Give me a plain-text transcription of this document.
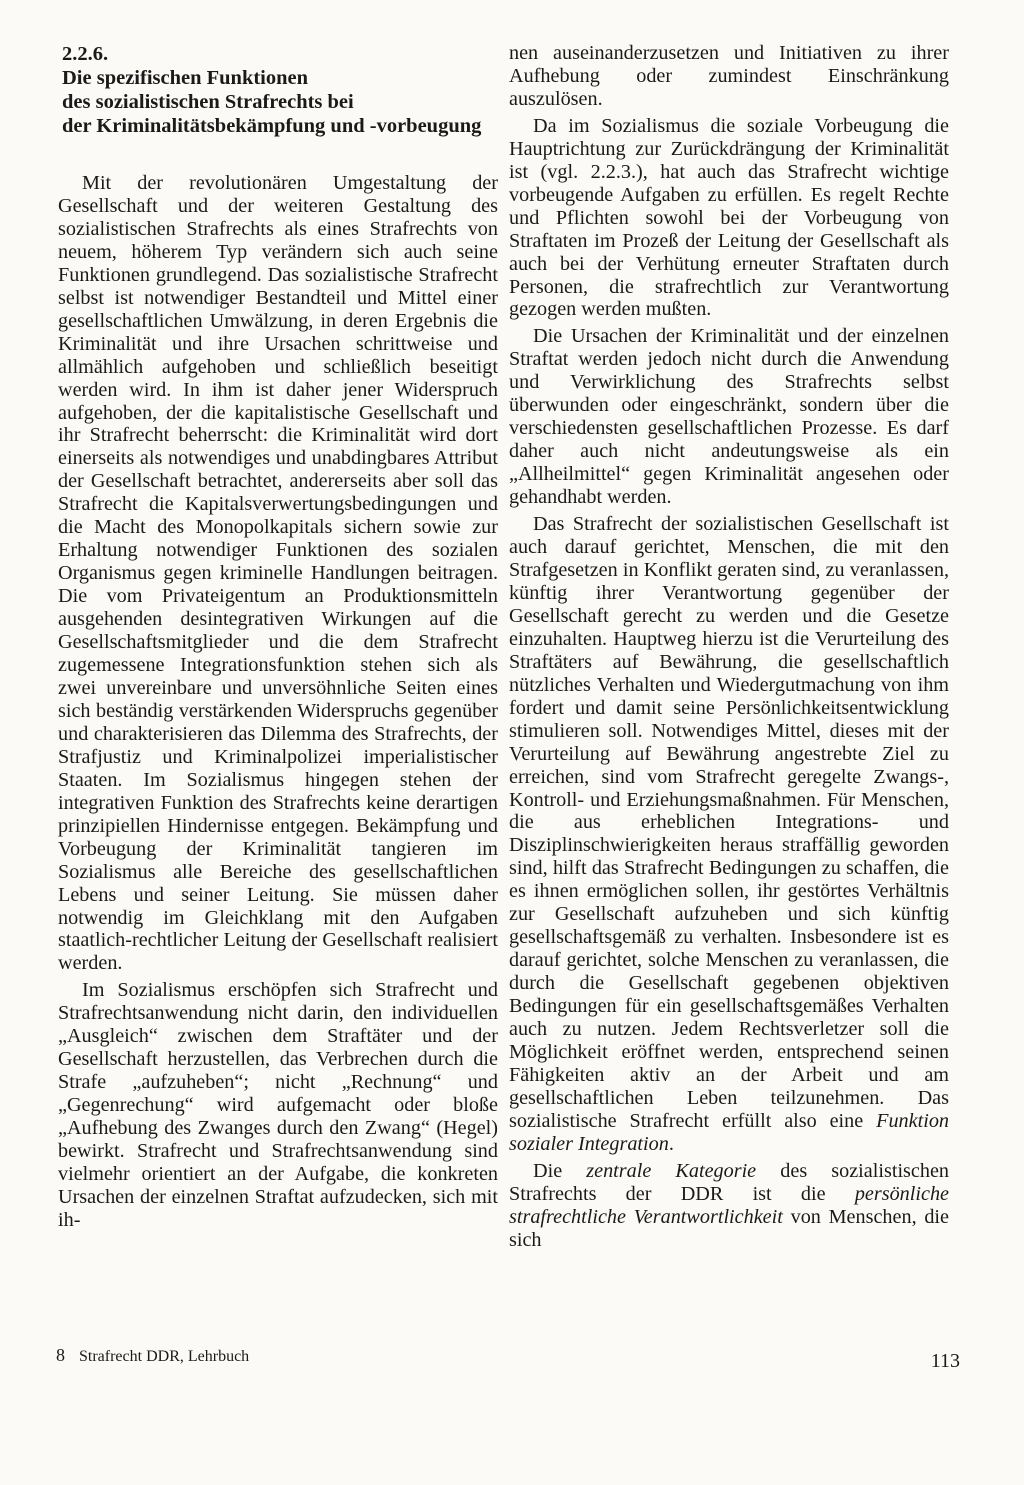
2.2.6.
Die spezifischen Funktionen
des sozialistischen Strafrechts bei
der Kriminalitätsbekämpfung und -vorbeugung

Mit der revolutionären Umgestaltung der Gesellschaft und der weiteren Gestaltung des sozialistischen Strafrechts als eines Strafrechts von neuem, höherem Typ verändern sich auch seine Funktionen grundlegend. Das sozialistische Strafrecht selbst ist notwendiger Bestandteil und Mittel einer gesellschaftlichen Umwälzung, in deren Ergebnis die Kriminalität und ihre Ursachen schrittweise und allmählich aufgehoben und schließlich beseitigt werden wird. In ihm ist daher jener Widerspruch aufgehoben, der die kapitalistische Gesellschaft und ihr Strafrecht beherrscht: die Kriminalität wird dort einerseits als notwendiges und unabdingbares Attribut der Gesellschaft betrachtet, andererseits aber soll das Strafrecht die Kapitalsverwertungsbedingungen und die Macht des Monopolkapitals sichern sowie zur Erhaltung notwendiger Funktionen des sozialen Organismus gegen kriminelle Handlungen beitragen. Die vom Privateigentum an Produktionsmitteln ausgehenden desintegrativen Wirkungen auf die Gesellschaftsmitglieder und die dem Strafrecht zugemessene Integrationsfunktion stehen sich als zwei unvereinbare und unversöhnliche Seiten eines sich beständig verstärkenden Widerspruchs gegenüber und charakterisieren das Dilemma des Strafrechts, der Strafjustiz und Kriminalpolizei imperialistischer Staaten. Im Sozialismus hingegen stehen der integrativen Funktion des Strafrechts keine derartigen prinzipiellen Hindernisse entgegen. Bekämpfung und Vorbeugung der Kriminalität tangieren im Sozialismus alle Bereiche des gesellschaftlichen Lebens und seiner Leitung. Sie müssen daher notwendig im Gleichklang mit den Aufgaben staatlich-rechtlicher Leitung der Gesellschaft realisiert werden.

Im Sozialismus erschöpfen sich Strafrecht und Strafrechtsanwendung nicht darin, den individuellen „Ausgleich“ zwischen dem Straftäter und der Gesellschaft herzustellen, das Verbrechen durch die Strafe „aufzuheben“; nicht „Rechnung“ und „Gegenrechung“ wird aufgemacht oder bloße „Aufhebung des Zwanges durch den Zwang“ (Hegel) bewirkt. Strafrecht und Strafrechtsanwendung sind vielmehr orientiert an der Aufgabe, die konkreten Ursachen der einzelnen Straftat aufzudecken, sich mit ih-

nen auseinanderzusetzen und Initiativen zu ihrer Aufhebung oder zumindest Einschränkung auszulösen.

Da im Sozialismus die soziale Vorbeugung die Hauptrichtung zur Zurückdrängung der Kriminalität ist (vgl. 2.2.3.), hat auch das Strafrecht wichtige vorbeugende Aufgaben zu erfüllen. Es regelt Rechte und Pflichten sowohl bei der Vorbeugung von Straftaten im Prozeß der Leitung der Gesellschaft als auch bei der Verhütung erneuter Straftaten durch Personen, die strafrechtlich zur Verantwortung gezogen werden mußten.

Die Ursachen der Kriminalität und der einzelnen Straftat werden jedoch nicht durch die Anwendung und Verwirklichung des Strafrechts selbst überwunden oder eingeschränkt, sondern über die verschiedensten gesellschaftlichen Prozesse. Es darf daher auch nicht andeutungsweise als ein „Allheilmittel“ gegen Kriminalität angesehen oder gehandhabt werden.

Das Strafrecht der sozialistischen Gesellschaft ist auch darauf gerichtet, Menschen, die mit den Strafgesetzen in Konflikt geraten sind, zu veranlassen, künftig ihrer Verantwortung gegenüber der Gesellschaft gerecht zu werden und die Gesetze einzuhalten. Hauptweg hierzu ist die Verurteilung des Straftäters auf Bewährung, die gesellschaftlich nützliches Verhalten und Wiedergutmachung von ihm fordert und damit seine Persönlichkeitsentwicklung stimulieren soll. Notwendiges Mittel, dieses mit der Verurteilung auf Bewährung angestrebte Ziel zu erreichen, sind vom Strafrecht geregelte Zwangs-, Kontroll- und Erziehungsmaßnahmen. Für Menschen, die aus erheblichen Integrations- und Disziplinschwierigkeiten heraus straffällig geworden sind, hilft das Strafrecht Bedingungen zu schaffen, die es ihnen ermöglichen sollen, ihr gestörtes Verhältnis zur Gesellschaft aufzuheben und sich künftig gesellschaftsgemäß zu verhalten. Insbesondere ist es darauf gerichtet, solche Menschen zu veranlassen, die durch die Gesellschaft gegebenen objektiven Bedingungen für ein gesellschaftsgemäßes Verhalten auch zu nutzen. Jedem Rechtsverletzer soll die Möglichkeit eröffnet werden, entsprechend seinen Fähigkeiten aktiv an der Arbeit und am gesellschaftlichen Leben teilzunehmen. Das sozialistische Strafrecht erfüllt also eine Funktion sozialer Integration.

Die zentrale Kategorie des sozialistischen Strafrechts der DDR ist die persönliche strafrechtliche Verantwortlichkeit von Menschen, die sich

8 Strafrecht DDR, Lehrbuch	113
